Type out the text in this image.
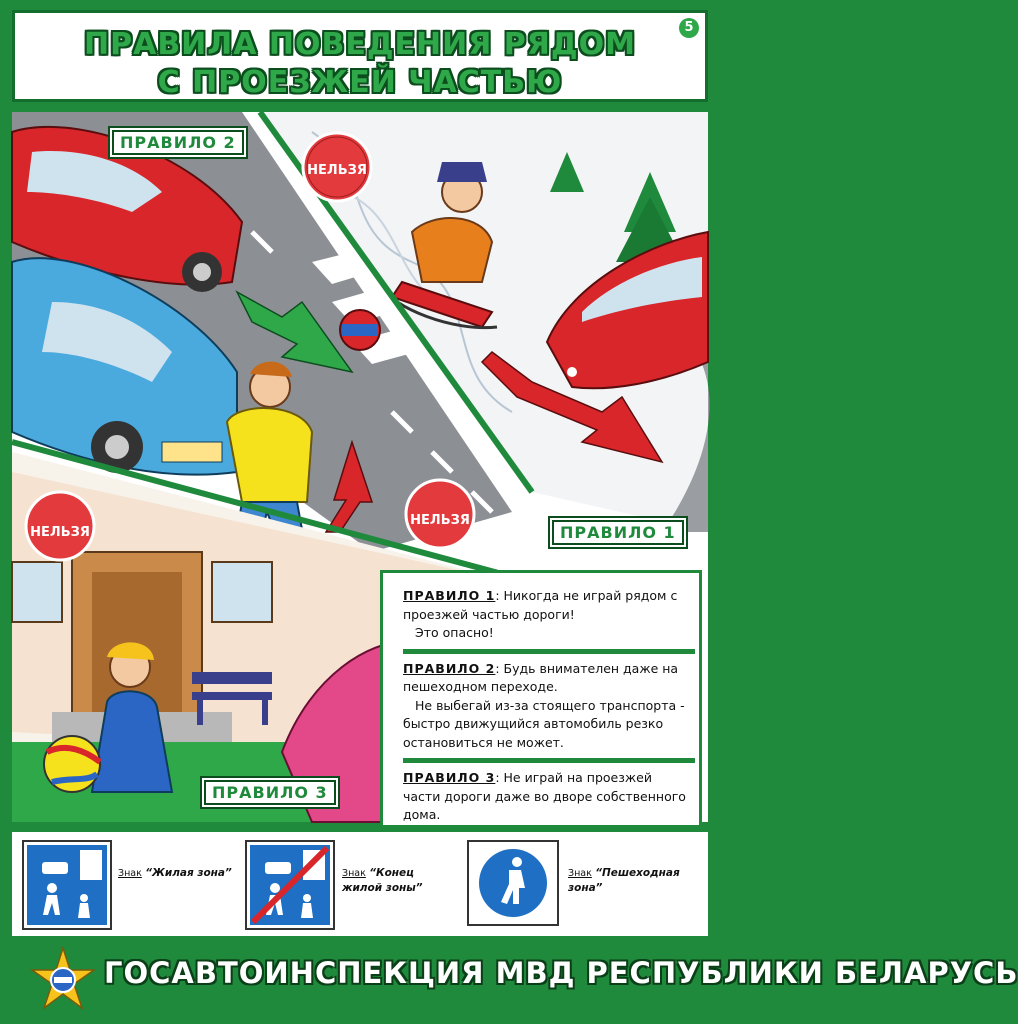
ПРАВИЛА ПОВЕДЕНИЯ РЯДОМ
С ПРОЕЗЖЕЙ ЧАСТЬЮ
5
НЕЛЬЗЯ
НЕЛЬЗЯ
НЕЛЬЗЯ
ПРАВИЛО 2
ПРАВИЛО 1
ПРАВИЛО 3

ПРАВИЛО 1: Никогда не играй рядом с проезжей частью дороги!
Это опасно!

ПРАВИЛО 2: Будь внимателен даже на пешеходном переходе.
Не выбегай из-за стоящего транспорта - быстро движущийся автомобиль резко остановиться не может.

ПРАВИЛО 3: Не играй на проезжей части дороги даже во дворе собственного дома.

Знак “Жилая зона”	Знак “Конец жилой зоны”
Знак “Пешеходная зона”
ГОСАВТОИНСПЕКЦИЯ МВД РЕСПУБЛИКИ БЕЛАРУСЬ
